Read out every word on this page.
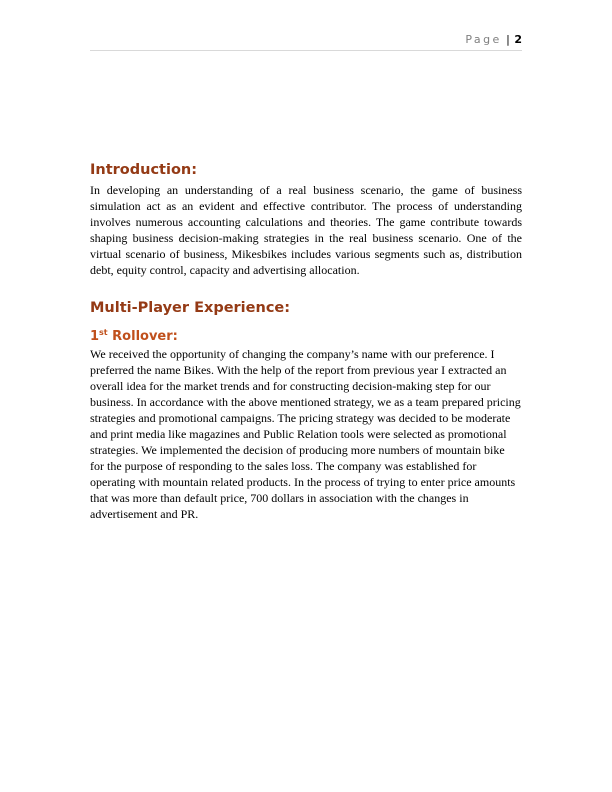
Page | 2
Introduction:

In developing an understanding of a real business scenario, the game of business simulation act as an evident and effective contributor. The process of understanding involves numerous accounting calculations and theories. The game contribute towards shaping business decision-making strategies in the real business scenario. One of the virtual scenario of business, Mikesbikes includes various segments such as, distribution debt, equity control, capacity and advertising allocation.

Multi-Player Experience:
1st Rollover:
We received the opportunity of changing the company’s name with our preference. I
preferred the name Bikes. With the help of the report from previous year I extracted an
overall idea for the market trends and for constructing decision-making step for our
business. In accordance with the above mentioned strategy, we as a team prepared pricing
strategies and promotional campaigns. The pricing strategy was decided to be moderate
and print media like magazines and Public Relation tools were selected as promotional
strategies. We implemented the decision of producing more numbers of mountain bike
for the purpose of responding to the sales loss. The company was established for
operating with mountain related products. In the process of trying to enter price amounts
that was more than default price, 700 dollars in association with the changes in
advertisement and PR.
